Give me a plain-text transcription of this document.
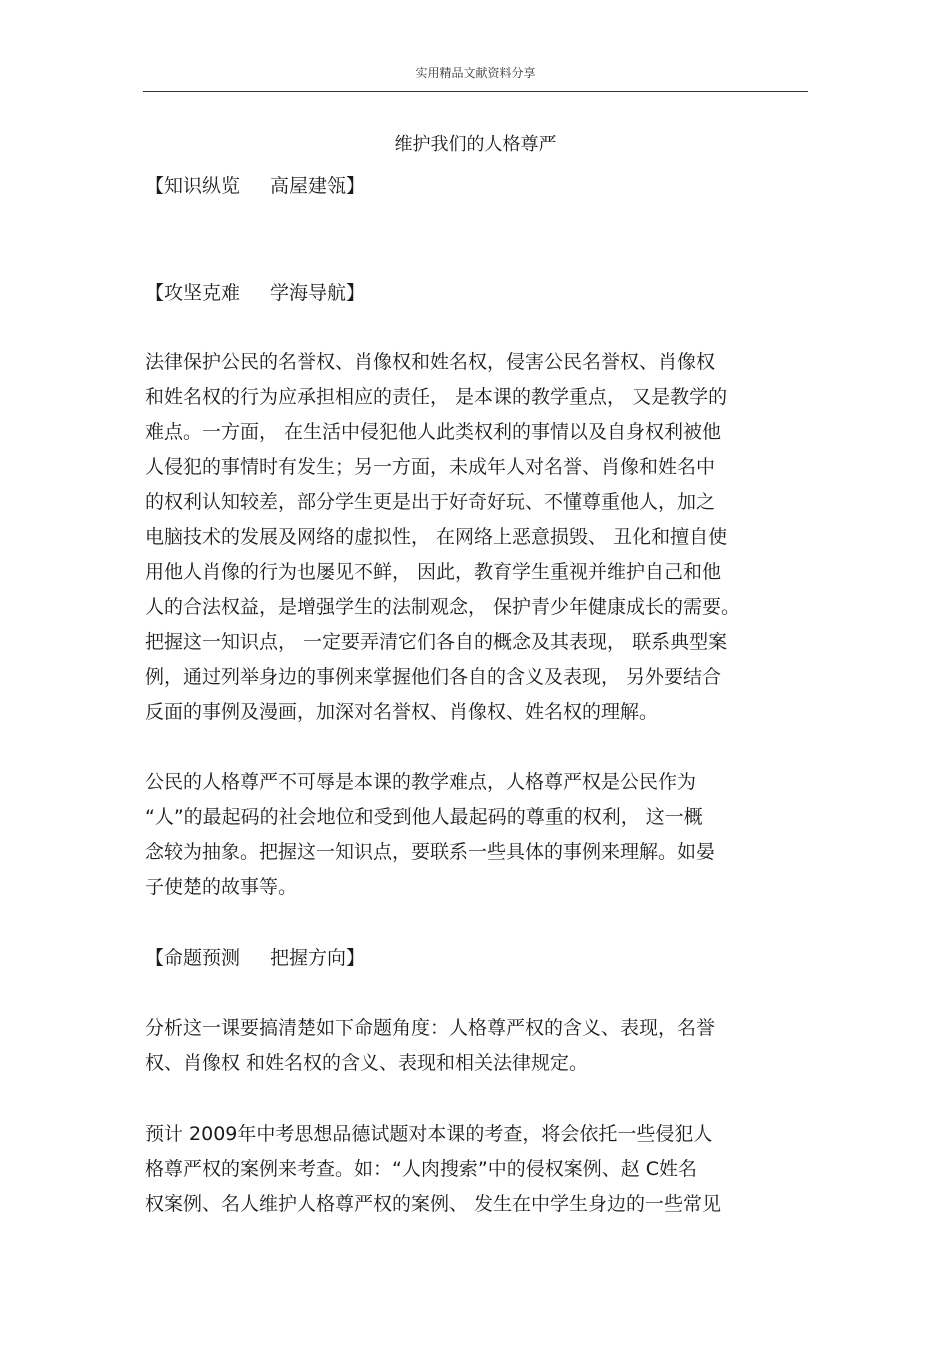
实用精品文献资料分享
维护我们的人格尊严
【知识纵览 高屋建瓴】
【攻坚克难 学海导航】
法律保护公民的名誉权、肖像权和姓名权，侵害公民名誉权、肖像权
和姓名权的行为应承担相应的责任， 是本课的教学重点， 又是教学的
难点。一方面， 在生活中侵犯他人此类权利的事情以及自身权利被他
人侵犯的事情时有发生；另一方面，未成年人对名誉、肖像和姓名中
的权利认知较差，部分学生更是出于好奇好玩、不懂尊重他人，加之
电脑技术的发展及网络的虚拟性， 在网络上恶意损毁、 丑化和擅自使
用他人肖像的行为也屡见不鲜， 因此，教育学生重视并维护自己和他
人的合法权益，是增强学生的法制观念， 保护青少年健康成长的需要。
把握这一知识点， 一定要弄清它们各自的概念及其表现， 联系典型案
例，通过列举身边的事例来掌握他们各自的含义及表现， 另外要结合
反面的事例及漫画，加深对名誉权、肖像权、姓名权的理解。
公民的人格尊严不可辱是本课的教学难点，人格尊严权是公民作为
“人”的最起码的社会地位和受到他人最起码的尊重的权利， 这一概
念较为抽象。把握这一知识点，要联系一些具体的事例来理解。如晏
子使楚的故事等。
【命题预测 把握方向】
分析这一课要搞清楚如下命题角度：人格尊严权的含义、表现，名誉
权、肖像权 和姓名权的含义、表现和相关法律规定。
预计 2009年中考思想品德试题对本课的考查，将会依托一些侵犯人
格尊严权的案例来考查。如：“人肉搜索”中的侵权案例、赵 C姓名
权案例、名人维护人格尊严权的案例、 发生在中学生身边的一些常见
